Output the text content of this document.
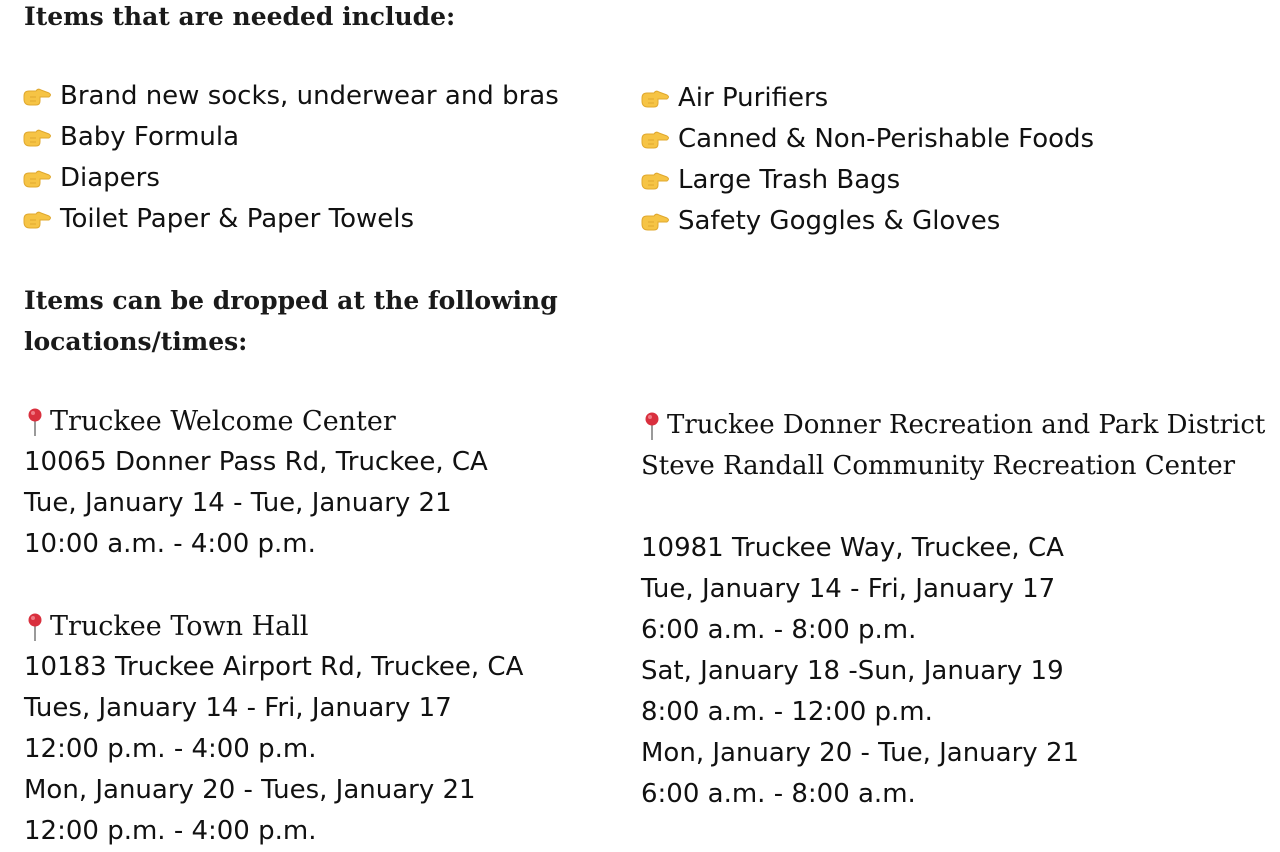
Items that are needed include:
Brand new socks, underwear and bras
Baby Formula
Diapers
Toilet Paper & Paper Towels
Air Purifiers
Canned & Non-Perishable Foods
Large Trash Bags
Safety Goggles & Gloves
Items can be dropped at the following
locations/times:
Truckee Welcome Center
10065 Donner Pass Rd, Truckee, CA
Tue, January 14 - Tue, January 21
10:00 a.m. - 4:00 p.m.
Truckee Town Hall
10183 Truckee Airport Rd, Truckee, CA
Tues, January 14 - Fri, January 17
12:00 p.m. - 4:00 p.m.
Mon, January 20 - Tues, January 21
12:00 p.m. - 4:00 p.m.
Truckee Donner Recreation and Park District
Steve Randall Community Recreation Center
10981 Truckee Way, Truckee, CA
Tue, January 14 - Fri, January 17
6:00 a.m. - 8:00 p.m.
Sat, January 18 -Sun, January 19
8:00 a.m. - 12:00 p.m.
Mon, January 20 - Tue, January 21
6:00 a.m. - 8:00 a.m.
